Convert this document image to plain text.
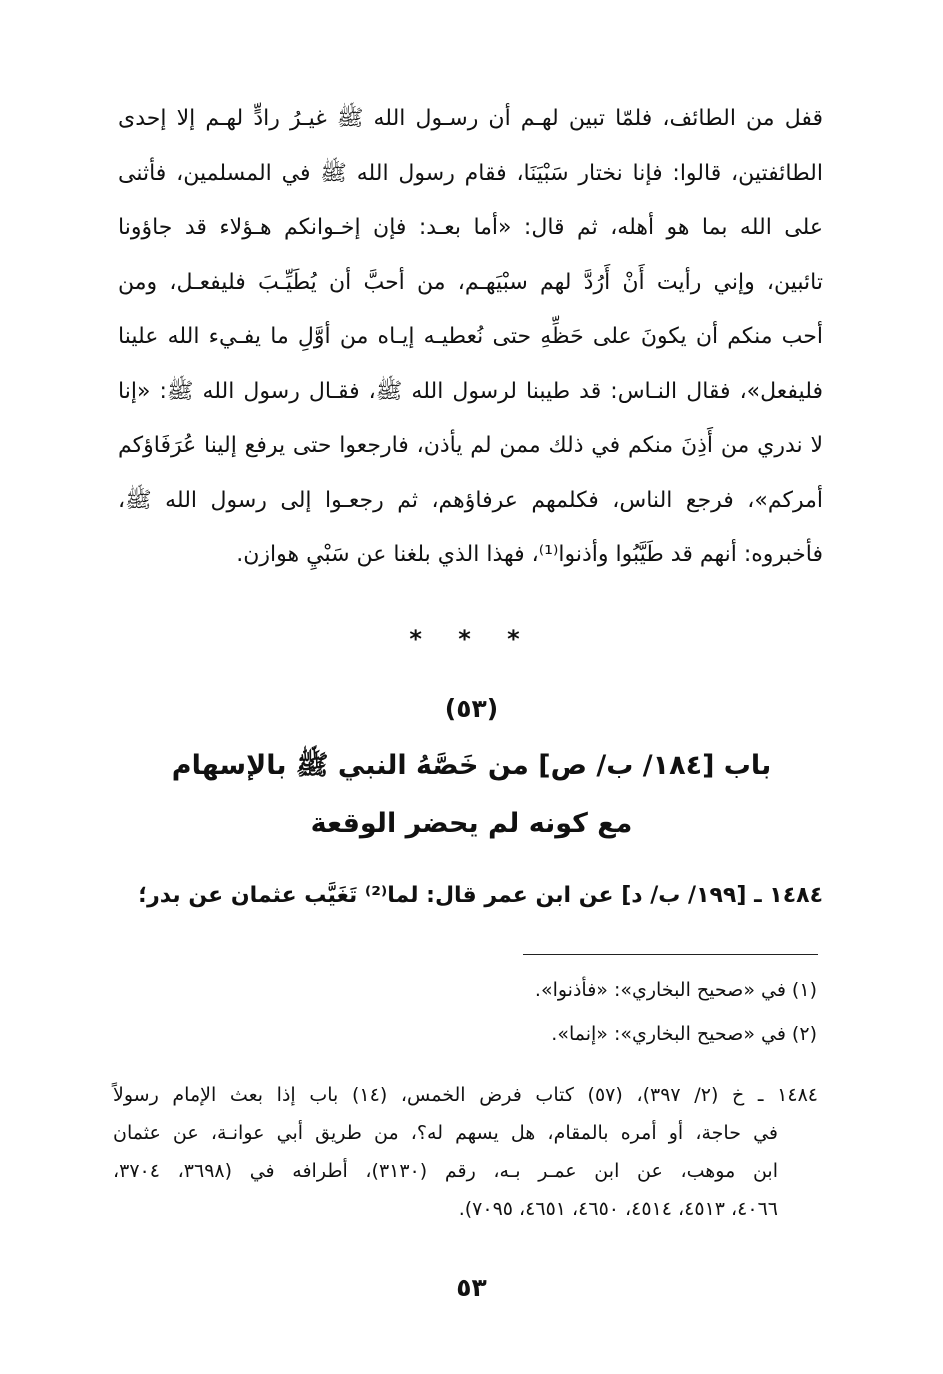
قفل من الطائف، فلمّا تبين لهـم أن رسـول الله ﷺ غيـرُ رادٍّ لهـم إلا إحدى
الطائفتين، قالوا: فإنا نختار سَبْيَنَا، فقام رسول الله ﷺ في المسلمين، فأثنى
على الله بما هو أهله، ثم قال: «أما بعـد: فإن إخـوانكم هـؤلاء قد جاؤونا
تائبين، وإني رأيت أَنْ أَرُدَّ لهم سبْيَهـم، من أحبَّ أن يُطَيِّـبَ فليفعـل، ومن
أحب منكم أن يكونَ على حَظِّهِ حتى نُعطيـه إيـاه من أوَّلِ ما يفـيء الله علينا
فليفعل»، فقال النـاس: قد طيبنا لرسول الله ﷺ، فقـال رسول الله ﷺ: «إنا
لا ندري من أَذِنَ منكم في ذلك ممن لم يأذن، فارجعوا حتى يرفع إلينا عُرَفَاؤكم
أمركم»، فرجع الناس، فكلمهم عرفاؤهم، ثم رجعـوا إلى رسول الله ﷺ،
فأخبروه: أنهم قد طَيَّبُوا وأذنوا⁽¹⁾، فهذا الذي بلغنا عن سَبْيِ هوازن.
* * *
(٥٣)
باب [١٨٤/ ب/ ص] من خَصَّهُ النبي ﷺ بالإسهام
مع كونه لم يحضر الوقعة
١٤٨٤ ـ [١٩٩/ ب/ د] عن ابن عمر قال: لما⁽²⁾ تَغَيَّب عثمان عن بدر؛
(١) في «صحيح البخاري»: «فأذنوا».
(٢) في «صحيح البخاري»: «إنما».
١٤٨٤ ـ خ (٢/ ٣٩٧)، (٥٧) كتاب فرض الخمس، (١٤) باب إذا بعث الإمام رسولاً
في حاجة، أو أمره بالمقام، هل يسهم له؟، من طريق أبي عوانـة، عن عثمان
ابن موهب، عن ابن عمـر بـه، رقم (٣١٣٠)، أطرافه في (٣٦٩٨، ٣٧٠٤،
٤٠٦٦، ٤٥١٣، ٤٥١٤، ٤٦٥٠، ٤٦٥١، ٧٠٩٥).
٥٣
